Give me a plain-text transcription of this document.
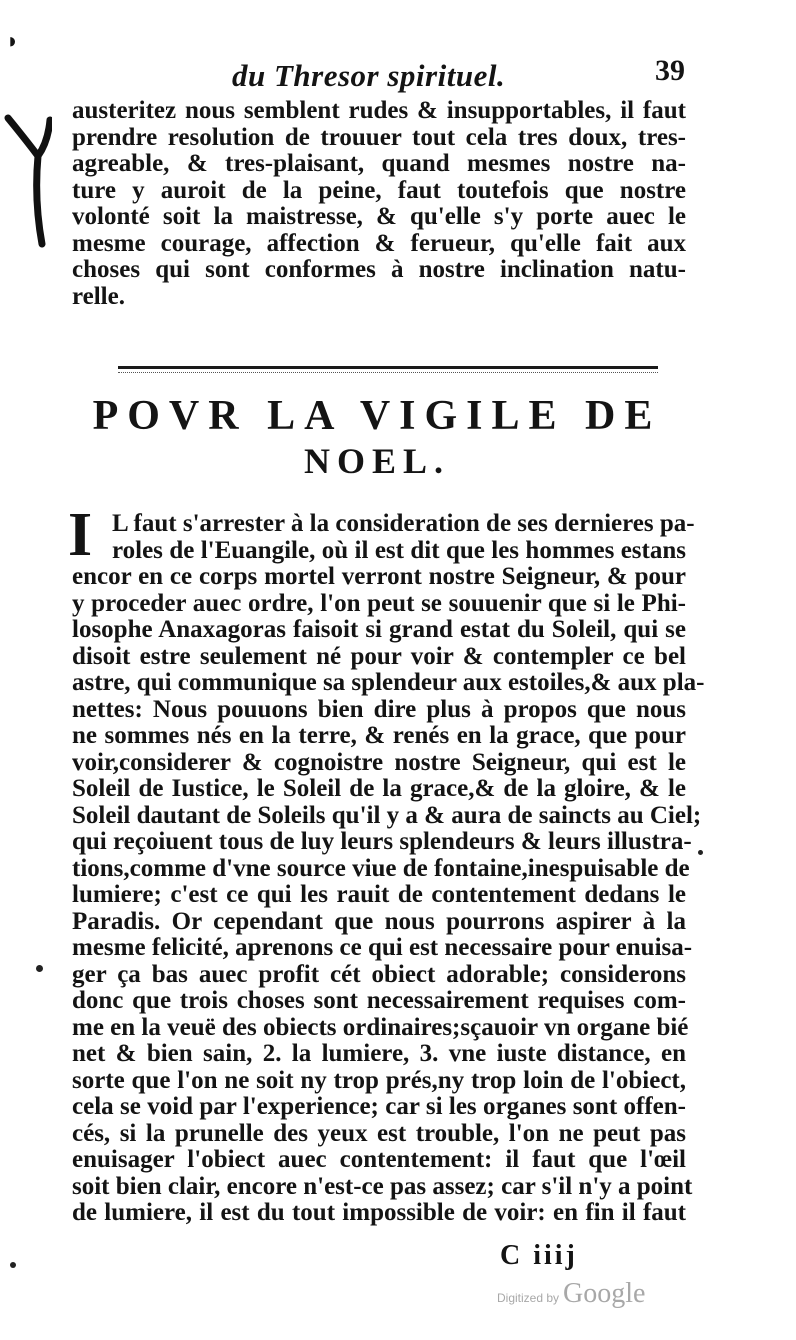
◗
du Thresor spirituel.	39
austeritez nous semblent rudes & insupportables, il faut
prendre resolution de trouuer tout cela tres doux, tres-
agreable, & tres-plaisant, quand mesmes nostre na-
ture y auroit de la peine, faut toutefois que nostre
volonté soit la maistresse, & qu'elle s'y porte auec le
mesme courage, affection & ferueur, qu'elle fait aux
choses qui sont conformes à nostre inclination natu-
relle.
POVR LA VIGILE DE
NOEL.
I L faut s'arrester à la consideration de ses dernieres pa-
roles de l'Euangile, où il est dit que les hommes estans
encor en ce corps mortel verront nostre Seigneur, & pour
y proceder auec ordre, l'on peut se souuenir que si le Phi-
losophe Anaxagoras faisoit si grand estat du Soleil, qui se
disoit estre seulement né pour voir & contempler ce bel
astre, qui communique sa splendeur aux estoiles,& aux pla-
nettes: Nous pouuons bien dire plus à propos que nous
ne sommes nés en la terre, & renés en la grace, que pour
voir,considerer & cognoistre nostre Seigneur, qui est le
Soleil de Iustice, le Soleil de la grace,& de la gloire, & le
Soleil dautant de Soleils qu'il y a & aura de saincts au Ciel;
qui reçoiuent tous de luy leurs splendeurs & leurs illustra-
tions,comme d'vne source viue de fontaine,inespuisable de
lumiere; c'est ce qui les rauit de contentement dedans le
Paradis. Or cependant que nous pourrons aspirer à la
mesme felicité, aprenons ce qui est necessaire pour enuisa-
ger ça bas auec profit cét obiect adorable; considerons
donc que trois choses sont necessairement requises com-
me en la veuë des obiects ordinaires;sçauoir vn organe bié
net & bien sain, 2. la lumiere, 3. vne iuste distance, en
sorte que l'on ne soit ny trop prés,ny trop loin de l'obiect,
cela se void par l'experience; car si les organes sont offen-
cés, si la prunelle des yeux est trouble, l'on ne peut pas
enuisager l'obiect auec contentement: il faut que l'œil
soit bien clair, encore n'est-ce pas assez; car s'il n'y a point
de lumiere, il est du tout impossible de voir: en fin il faut
C iiij
Digitized by Google
